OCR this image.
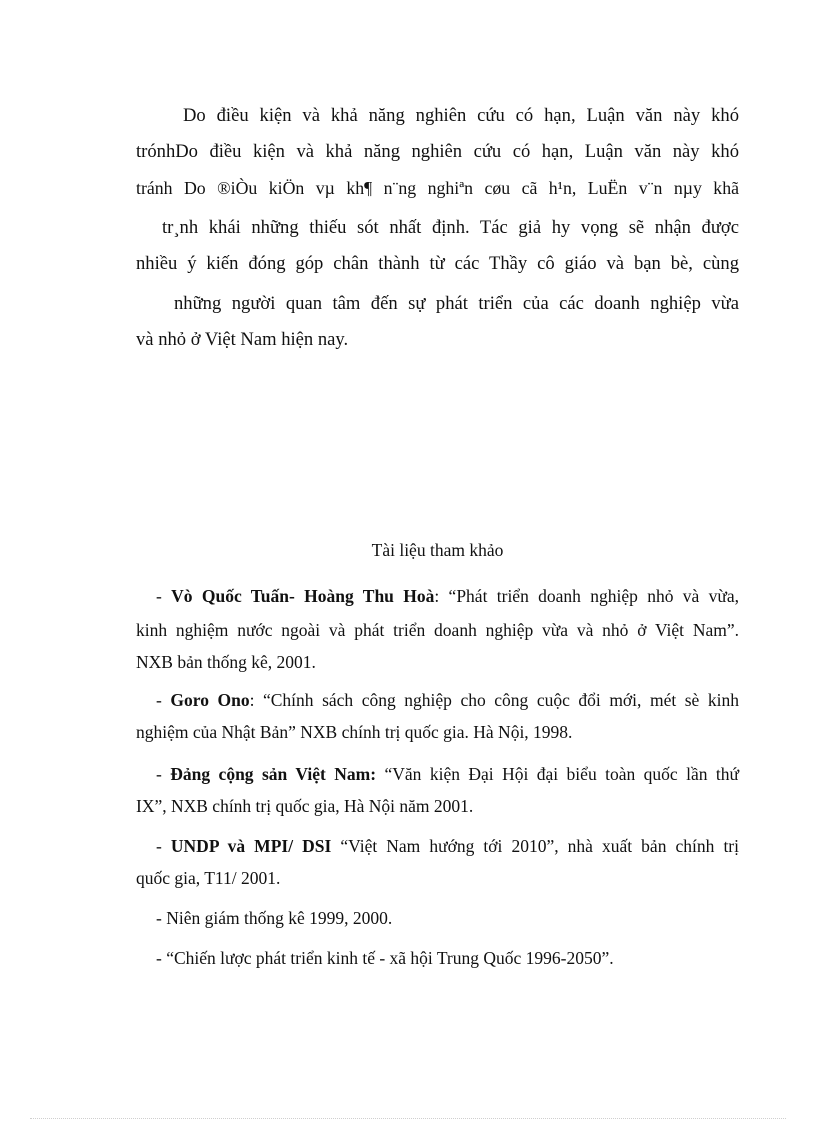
Do điều kiện và khả năng nghiên cứu có hạn, Luận văn này khó
trónhDo điều kiện và khả năng nghiên cứu có hạn, Luận văn này khó
tránh Do ®iÒu kiÖn vµ kh¶ n¨ng nghiªn cøu cã h¹n, LuËn v¨n nµy khã
tr¸nh khái những thiếu sót nhất định. Tác giả hy vọng sẽ nhận được
nhiều ý kiến đóng góp chân thành từ các Thầy cô giáo và bạn bè, cùng
những người quan tâm đến sự phát triển của các doanh nghiệp vừa
và nhỏ ở Việt Nam hiện nay.
Tài liệu tham khảo
- Vò Quốc Tuấn- Hoàng Thu Hoà: “Phát triển doanh nghiệp nhỏ và vừa,
kinh nghiệm nước ngoài và phát triển doanh nghiệp vừa và nhỏ ở Việt Nam”.
NXB bản thống kê, 2001.
- Goro Ono: “Chính sách công nghiệp cho công cuộc đổi mới, mét sè kinh
nghiệm của Nhật Bản” NXB chính trị quốc gia. Hà Nội, 1998.
- Đảng cộng sản Việt Nam: “Văn kiện Đại Hội đại biểu toàn quốc lần thứ
IX”, NXB chính trị quốc gia, Hà Nội năm 2001.
- UNDP và MPI/ DSI “Việt Nam hướng tới 2010”, nhà xuất bản chính trị
quốc gia, T11/ 2001.
- Niên giám thống kê 1999, 2000.
- “Chiến lược phát triển kinh tế - xã hội Trung Quốc 1996-2050”.
